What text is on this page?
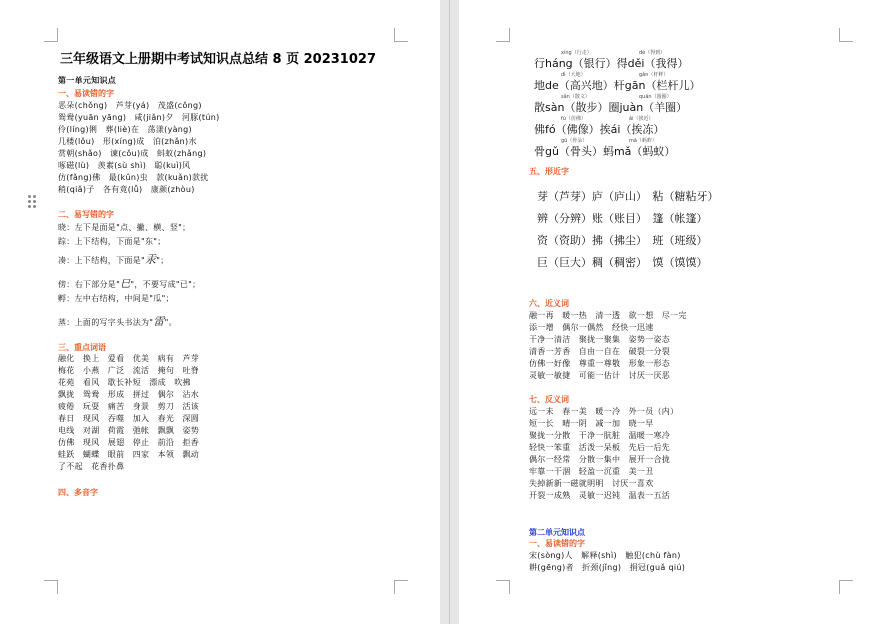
三年级语文上册期中考试知识点总结 8 页 20231027
第一单元知识点
一、易读错的字
恶朵(chǒng)　芦芽(yá)　茂盛(cǒng)
鸳鸯(yuān yāng)　咸(jiǎn)夕　河豚(tún)
伶(líng)俐　葬(liè)在　荡漾(yàng)
几楼(lǒu)　形(xíng)成　泊(zhǎn)水
赏朝(shǎo)　谏(cǒu)成　蚪蚁(zhǎng)
啄磁(lù)　羡素(sù shì)　聪(kuì)风
仿(fǎng)佛　最(kǔn)虫　款(kuǎn)款扰
稍(qiǎ)子　各有竟(lǚ)　康颜(zhòu)
二、易写错的字
晓：左下是面是"点、撇、横、竖"；
踪：上下结构，下面是"东"；
凑：上下结构，下面是"汞"；
傍：右下部分是"巳"，不要写成"已"；
孵：左中右结构，中间是"瓜"；
蒸：上面的写字头书法为"雷"。
三、重点词语
融化　换上　爱看　优美　病有　芦芽
梅花　小燕　广泛　流活　掩句　吐脊
花苑　看风　歇长补短　漂成　吹拂
飘拢　鸳鸯　形成　拼过　偶尔　沾水
疲倦　玩耍　痛苦　身景　剪刀　活该
春日　现风　吞噬　加入　春光　深圆
电线　对湖　荷霞　弛帐　飘飘　姿势
仿佛　现风　展翅　停止　前沿　拒香
蛙跃　蝴蝶　眼前　四家　本领　飘动
了不起　花香扑鼻
四、多音字
xíng（行走）	dé（得到）
行háng（银行）得děi（我得）
dì（大地）	gǎn（杆秤）
地de（高兴地）杆gān（栏杆儿）
sǎn（散文）	quān（圆圈）
散sàn（散步）圈juàn（羊圈）
fú（仿佛）	āi（挨近）
佛fó（佛像）挨ái（挨冻）
gū（骨朵）	mā（蚂蚱）
骨gǔ（骨头）蚂mǎ（蚂蚁）
五、形近字
芽（芦芽）庐（庐山）　粘（糖粘牙）
辨（分辨）账（账目）　篷（帐篷）
资（资助）拂（拂尘）　班（班级）
巨（巨大）稠（稠密）　馍（馍馍）
六、近义词
融一再　暖一热　清一透　欲一想　尽一完
添一增　偶尔一偶然　经快一迅速
干净一清洁　聚拢一聚集　姿势一姿态
清香一芳香　自由一自在　破裂一分裂
仿佛一好像　尊重一尊敬　形象一形态
灵敏一敏捷　可能一估计　讨厌一厌恶
七、反义词
远一未　春一美　暖一冷　外一员（内）
短一长　晴一阴　减一加　晓一早
聚拢一分散　干净一肮脏　温暖一寒冷
轻快一笨重　活泼一呆板　先后一后先
偶尔一经常　分散一集中　展开一合拢
牢靠一干涸　轻盈一沉重　美一丑
失掉新新一磁就明明　讨厌一喜欢
开裂一成熟　灵敏一迟钝　温表一五活
第二单元知识点
一、易读错的字
宋(sòng)人　解释(shì)　触犯(chù fàn)
耕(gēng)者　折颈(jǐng)　捐冠(guǎ qiú)
